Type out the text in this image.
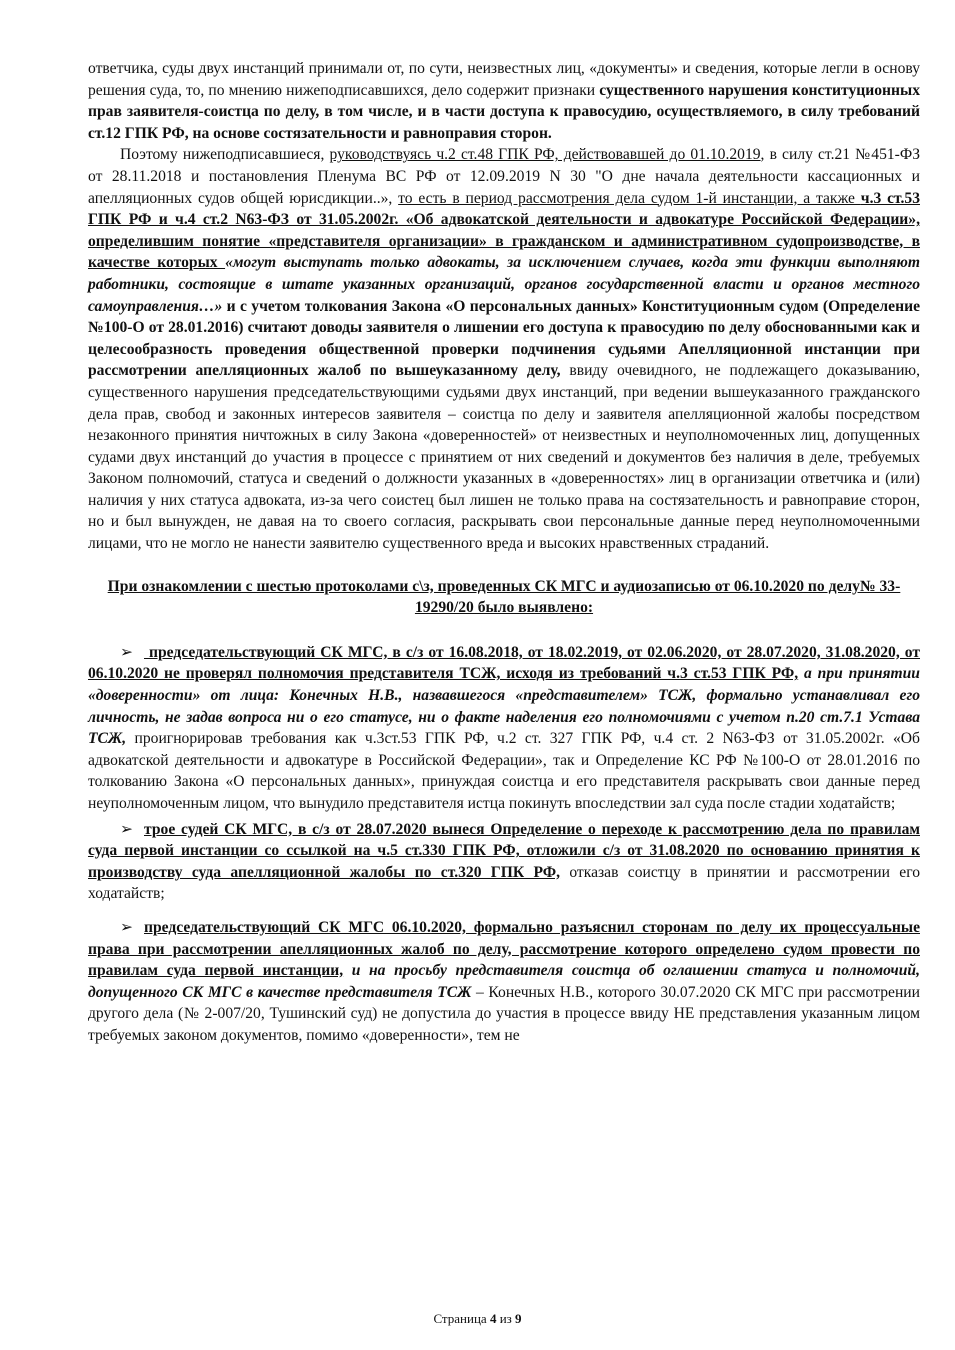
ответчика, суды двух инстанций принимали от, по сути, неизвестных лиц, «документы» и сведения, которые легли в основу решения суда, то, по мнению нижеподписавшихся, дело содержит признаки существенного нарушения конституционных прав заявителя-соистца по делу, в том числе, и в части доступа к правосудию, осуществляемого, в силу требований ст.12 ГПК РФ, на основе состязательности и равноправия сторон.

Поэтому нижеподписавшиеся, руководствуясь ч.2 ст.48 ГПК РФ, действовавшей до 01.10.2019, в силу ст.21 №451-ФЗ от 28.11.2018 и постановления Пленума ВС РФ от 12.09.2019 N 30 "О дне начала деятельности кассационных и апелляционных судов общей юрисдикции..», то есть в период рассмотрения дела судом 1-й инстанции, а также ч.3 ст.53 ГПК РФ и ч.4 ст.2 N63-ФЗ от 31.05.2002г. «Об адвокатской деятельности и адвокатуре Российской Федерации», определившим понятие «представителя организации» в гражданском и административном судопроизводстве, в качестве которых «могут выступать только адвокаты, за исключением случаев, когда эти функции выполняют работники, состоящие в штате указанных организаций, органов государственной власти и органов местного самоуправления…» и с учетом толкования Закона «О персональных данных» Конституционным судом (Определение №100-О от 28.01.2016) считают доводы заявителя о лишении его доступа к правосудию по делу обоснованными как и целесообразность проведения общественной проверки подчинения судьями Апелляционной инстанции при рассмотрении апелляционных жалоб по вышеуказанному делу, ввиду очевидного, не подлежащего доказыванию, существенного нарушения председательствующими судьями двух инстанций, при ведении вышеуказанного гражданского дела прав, свобод и законных интересов заявителя – соистца по делу и заявителя апелляционной жалобы посредством незаконного принятия ничтожных в силу Закона «доверенностей» от неизвестных и неуполномоченных лиц, допущенных судами двух инстанций до участия в процессе с принятием от них сведений и документов без наличия в деле, требуемых Законом полномочий, статуса и сведений о должности указанных в «доверенностях» лиц в организации ответчика и (или) наличия у них статуса адвоката, из-за чего соистец был лишен не только права на состязательность и равноправие сторон, но и был вынужден, не давая на то своего согласия, раскрывать свои персональные данные перед неуполномоченными лицами, что не могло не нанести заявителю существенного вреда и высоких нравственных страданий.

При ознакомлении с шестью протоколами с\з, проведенных СК МГС и аудиозаписью от 06.10.2020 по делу№ 33-19290/20 было выявлено:

➢ председательствующий СК МГС, в с/з от 16.08.2018, от 18.02.2019, от 02.06.2020, от 28.07.2020, 31.08.2020, от 06.10.2020 не проверял полномочия представителя ТСЖ, исходя из требований ч.3 ст.53 ГПК РФ, а при принятии «доверенности» от лица: Конечных Н.В., назвавшегося «представителем» ТСЖ, формально устанавливал его личность, не задав вопроса ни о его статусе, ни о факте наделения его полномочиями с учетом п.20 ст.7.1 Устава ТСЖ, проигнорировав требования как ч.3ст.53 ГПК РФ, ч.2 ст. 327 ГПК РФ, ч.4 ст. 2 N63-ФЗ от 31.05.2002г. «Об адвокатской деятельности и адвокатуре в Российской Федерации», так и Определение КС РФ №100-О от 28.01.2016 по толкованию Закона «О персональных данных», принуждая соистца и его представителя раскрывать свои данные перед неуполномоченным лицом, что вынудило представителя истца покинуть впоследствии зал суда после стадии ходатайств;

➢ трое судей СК МГС, в с/з от 28.07.2020 вынеся Определение о переходе к рассмотрению дела по правилам суда первой инстанции со ссылкой на ч.5 ст.330 ГПК РФ, отложили с/з от 31.08.2020 по основанию принятия к производству суда апелляционной жалобы по ст.320 ГПК РФ, отказав соистцу в принятии и рассмотрении его ходатайств;

➢ председательствующий СК МГС 06.10.2020, формально разъяснил сторонам по делу их процессуальные права при рассмотрении апелляционных жалоб по делу, рассмотрение которого определено судом провести по правилам суда первой инстанции, и на просьбу представителя соистца об оглашении статуса и полномочий, допущенного СК МГС в качестве представителя ТСЖ – Конечных Н.В., которого 30.07.2020 СК МГС при рассмотрении другого дела (№ 2-007/20, Тушинский суд) не допустила до участия в процессе ввиду НЕ представления указанным лицом требуемых законом документов, помимо «доверенности», тем не

Страница 4 из 9
